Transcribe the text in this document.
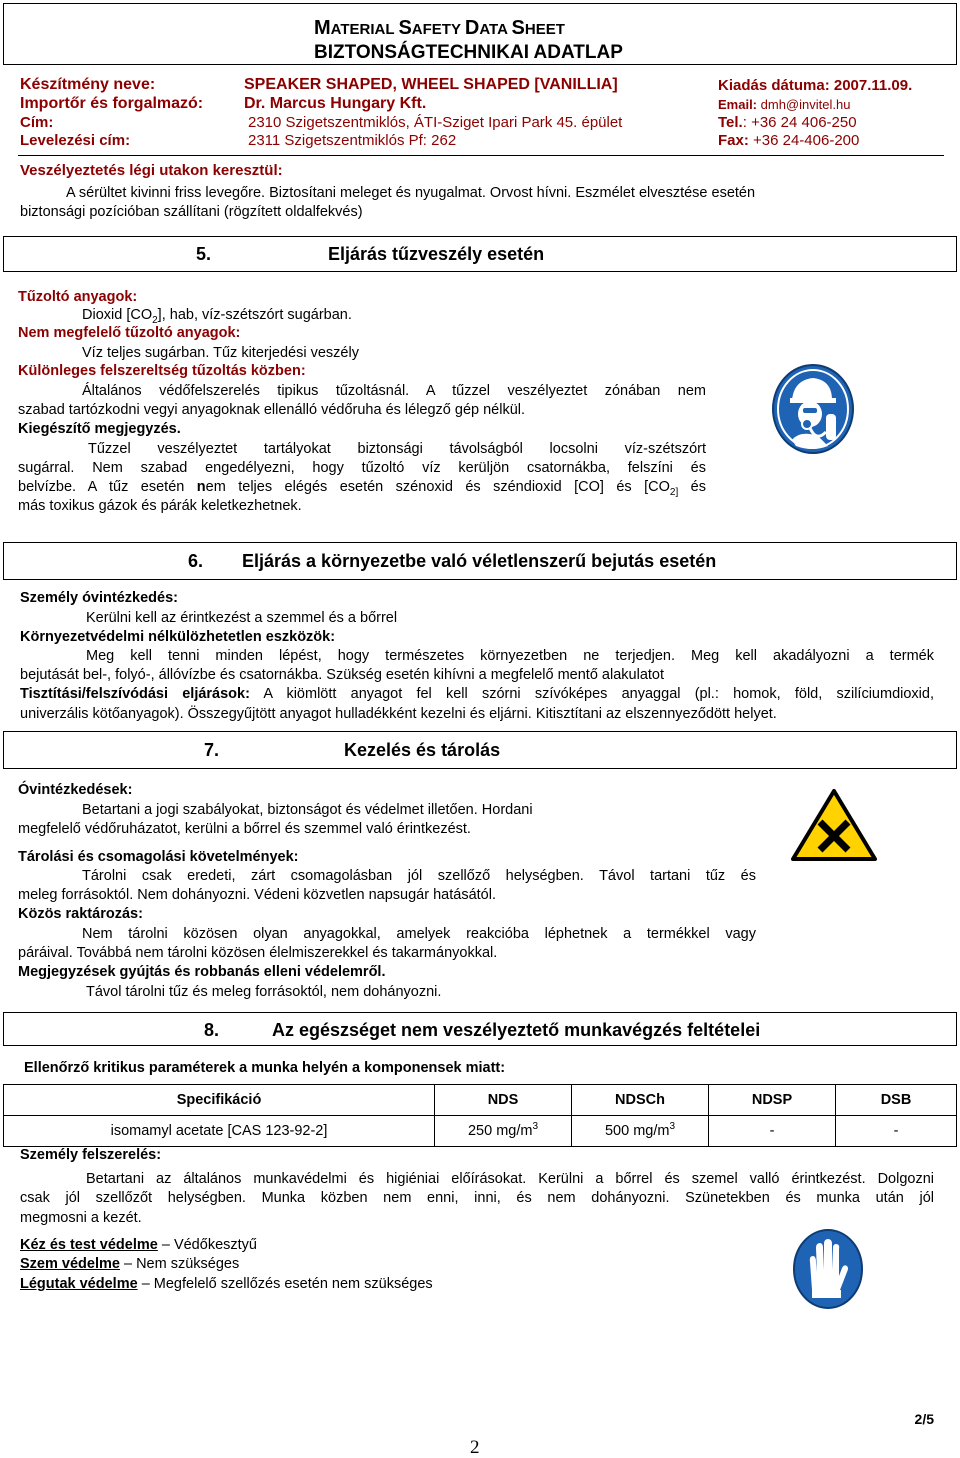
MATERIAL SAFETY DATA SHEET
BIZTONSÁGTECHNIKAI ADATLAP
Készítmény neve:	SPEAKER SHAPED, WHEEL SHAPED [VANILLIA]	Kiadás dátuma: 2007.11.09.
Importőr és forgalmazó:	Dr. Marcus Hungary Kft.	Email: dmh@invitel.hu
Cím:	2310 Szigetszentmiklós, ÁTI-Sziget Ipari Park 45. épület	Tel.: +36 24 406-250
Levelezési cím:	2311 Szigetszentmiklós Pf: 262	Fax: +36 24-406-200
Veszélyeztetés légi utakon keresztül:
A sérültet kivinni friss levegőre. Biztosítani meleget és nyugalmat. Orvost hívni. Eszmélet elvesztése esetén
biztonsági pozícióban szállítani (rögzített oldalfekvés)
5.	Eljárás tűzveszély esetén
Tűzoltó anyagok:
Dioxid $[CO_2]$, hab, víz-szétszórt sugárban.
Nem megfelelő tűzoltó anyagok:
Víz teljes sugárban. Tűz kiterjedési veszély
Különleges felszereltség tűzoltás közben:
Általános védőfelszerelés tipikus tűzoltásnál. A tűzzel veszélyeztet zónában nem
szabad tartózkodni vegyi anyagoknak ellenálló védőruha és lélegző gép nélkül.
Kiegészítő megjegyzés.
Tűzzel veszélyeztet tartályokat biztonsági távolságból locsolni víz-szétszórt
sugárral. Nem szabad engedélyezni, hogy tűzoltó víz kerüljön csatornákba, felszíni és
belvízbe. A tűz esetén nem teljes elégés esetén szénoxid és széndioxid [CO] és [$CO_{2]}$ és
más toxikus gázok és párák keletkezhetnek.
6. Eljárás a környezetbe való véletlenszerű bejutás esetén
Személy óvintézkedés:
Kerülni kell az érintkezést a szemmel és a bőrrel
Környezetvédelmi nélkülözhetetlen eszközök:
Meg kell tenni minden lépést, hogy természetes környezetben ne terjedjen. Meg kell akadályozni a termék
bejutását bel-, folyó-, állóvízbe és csatornákba. Szükség esetén kihívni a megfelelő mentő alakulatot
Tisztítási/felszívódási eljárások: A kiömlött anyagot fel kell szórni szívóképes anyaggal (pl.: homok, föld, szilíciumdioxid,
univerzális kötőanyagok). Összegyűjtött anyagot hulladékként kezelni és eljárni. Kitisztítani az elszennyeződött helyet.
7.	Kezelés és tárolás
Óvintézkedések:
Betartani a jogi szabályokat, biztonságot és védelmet illetően. Hordani
megfelelő védőruházatot, kerülni a bőrrel és szemmel való érintkezést.
Tárolási és csomagolási követelmények:
Tárolni csak eredeti, zárt csomagolásban jól szellőző helységben. Távol tartani tűz és
meleg forrásoktól. Nem dohányozni. Védeni közvetlen napsugár hatásától.
Közös raktározás:
Nem tárolni közösen olyan anyagokkal, amelyek reakcióba léphetnek a termékkel vagy
páráival. Továbbá nem tárolni közösen élelmiszerekkel és takarmányokkal.
Megjegyzések gyújtás és robbanás elleni védelemről.
Távol tárolni tűz és meleg forrásoktól, nem dohányozni.
8.	Az egészséget nem veszélyeztető munkavégzés feltételei
Ellenőrző kritikus paraméterek a munka helyén a komponensek miatt:
Specifikáció	NDS	NDSCh	NDSP	DSB
isomamyl acetate [CAS 123-92-2]	250 $mg/m^3$	500 $mg/m^3$	-	-
Személy felszerelés:
Betartani az általános munkavédelmi és higiéniai előírásokat. Kerülni a bőrrel és szemel valló érintkezést. Dolgozni
csak jól szellőzőt helységben. Munka közben nem enni, inni, és nem dohányozni. Szünetekben és munka után jól
megmosni a kezét.
Kéz és test védelme – Védőkesztyű
Szem védelme – Nem szükséges
Légutak védelme – Megfelelő szellőzés esetén nem szükséges
2/5
2
